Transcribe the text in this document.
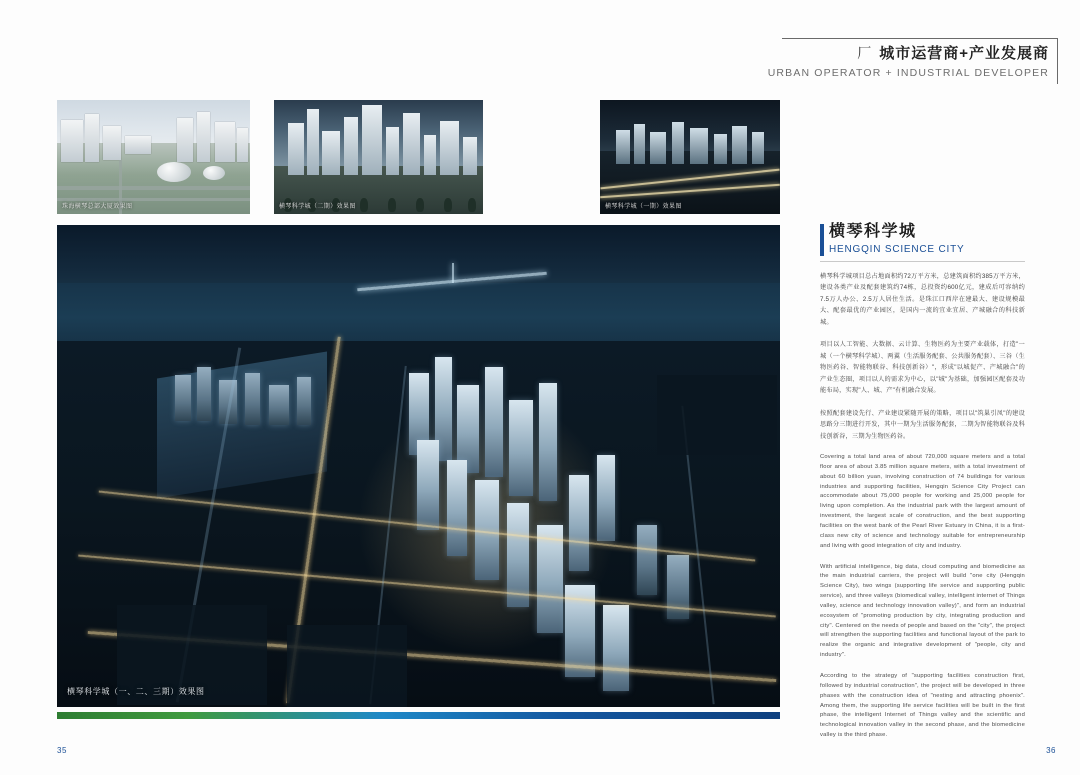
厂 城市运营商+产业发展商
URBAN OPERATOR + INDUSTRIAL DEVELOPER
珠海横琴总部大厦效果图	横琴科学城（二期）效果图	横琴科学城（一期）效果图
横琴科学城（一、二、三期）效果图
横琴科学城
HENGQIN SCIENCE CITY
横琴科学城项目总占地面积约72万平方米，总建筑面积约385万平方米，建设各类产业及配套建筑约74栋，总投资约600亿元，建成后可容纳约7.5万人办公、2.5万人居住生活。是珠江口西岸在建最大、建设规模最大、配套最优的产业园区，是国内一流的宜业宜居、产城融合的科技新城。
项目以人工智能、大数据、云计算、生物医药为主要产业载体，打造"一城（一个横琴科学城）、两翼（生活服务配套、公共服务配套）、三谷（生物医药谷、智能物联谷、科技创新谷）"，形成"以城促产、产城融合"的产业生态圈，项目以人的需求为中心，以"城"为基础，加强园区配套及功能布局，实现"人、城、产"有机融合发展。
按照配套建设先行、产业建设紧随开展的策略，项目以"筑巢引凤"的建设思路分三期进行开发，其中一期为生活服务配套，二期为智能物联谷及科技创新谷，三期为生物医药谷。
Covering a total land area of about 720,000 square meters and a total floor area of about 3.85 million square meters, with a total investment of about 60 billion yuan, involving construction of 74 buildings for various industries and supporting facilities, Hengqin Science City Project can accommodate about 75,000 people for working and 25,000 people for living upon completion. As the industrial park with the largest amount of investment, the largest scale of construction, and the best supporting facilities on the west bank of the Pearl River Estuary in China, it is a first-class new city of science and technology suitable for entrepreneurship and living with good integration of city and industry.
With artificial intelligence, big data, cloud computing and biomedicine as the main industrial carriers, the project will build "one city (Hengqin Science City), two wings (supporting life service and supporting public service), and three valleys (biomedical valley, intelligent internet of Things valley, science and technology innovation valley)", and form an industrial ecosystem of "promoting production by city, integrating production and city". Centered on the needs of people and based on the "city", the project will strengthen the supporting facilities and functional layout of the park to realize the organic and integrative development of "people, city and industry".
According to the strategy of "supporting facilities construction first, followed by industrial construction", the project will be developed in three phases with the construction idea of "nesting and attracting phoenix". Among them, the supporting life service facilities will be built in the first phase, the intelligent Internet of Things valley and the scientific and technological innovation valley in the second phase, and the biomedicine valley is the third phase.
35	36
